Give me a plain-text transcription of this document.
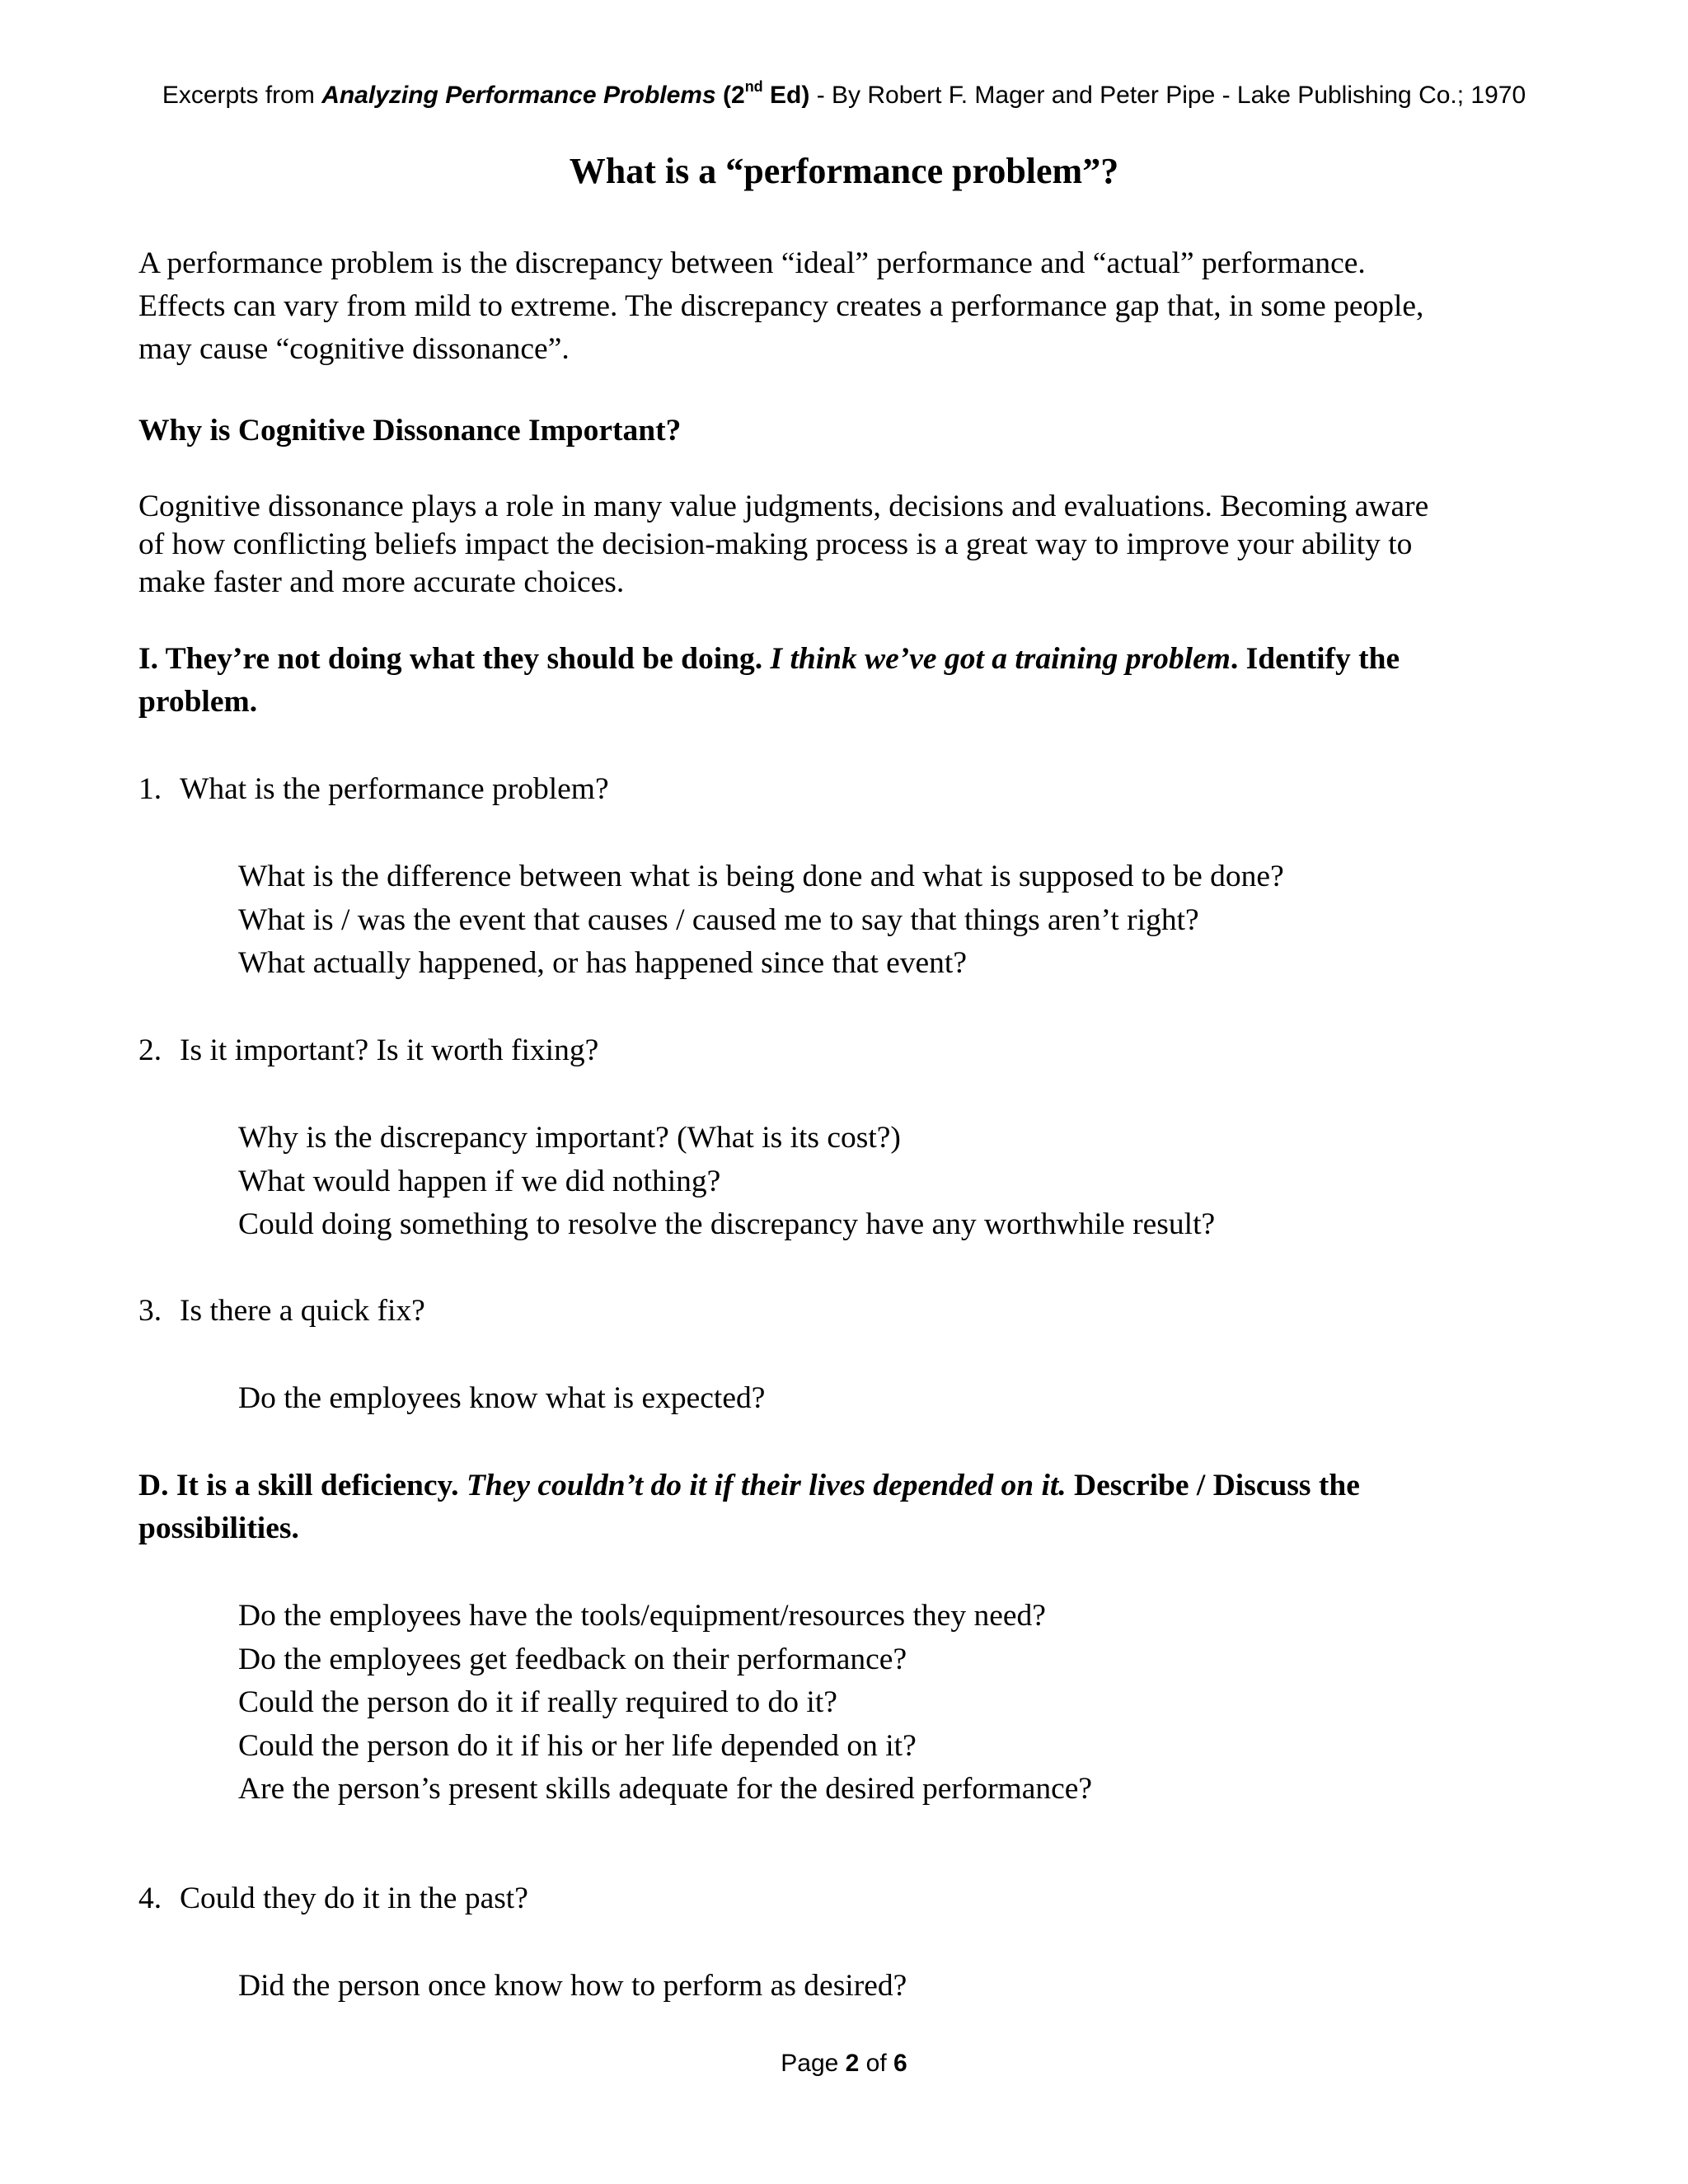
Excerpts from Analyzing Performance Problems (2nd Ed) - By Robert F. Mager and Peter Pipe - Lake Publishing Co.; 1970
What is a “performance problem”?
A performance problem is the discrepancy between “ideal” performance and “actual” performance.
Effects can vary from mild to extreme. The discrepancy creates a performance gap that, in some people,
may cause “cognitive dissonance”.
Why is Cognitive Dissonance Important?
Cognitive dissonance plays a role in many value judgments, decisions and evaluations. Becoming aware
of how conflicting beliefs impact the decision-making process is a great way to improve your ability to
make faster and more accurate choices.
I. They’re not doing what they should be doing. I think we’ve got a training problem. Identify the
problem.
1. What is the performance problem?
What is the difference between what is being done and what is supposed to be done?
What is / was the event that causes / caused me to say that things aren’t right?
What actually happened, or has happened since that event?
2. Is it important? Is it worth fixing?
Why is the discrepancy important? (What is its cost?)
What would happen if we did nothing?
Could doing something to resolve the discrepancy have any worthwhile result?
3. Is there a quick fix?
Do the employees know what is expected?
D. It is a skill deficiency. They couldn’t do it if their lives depended on it. Describe / Discuss the
possibilities.
Do the employees have the tools/equipment/resources they need?
Do the employees get feedback on their performance?
Could the person do it if really required to do it?
Could the person do it if his or her life depended on it?
Are the person’s present skills adequate for the desired performance?
4. Could they do it in the past?
Did the person once know how to perform as desired?
Page 2 of 6
